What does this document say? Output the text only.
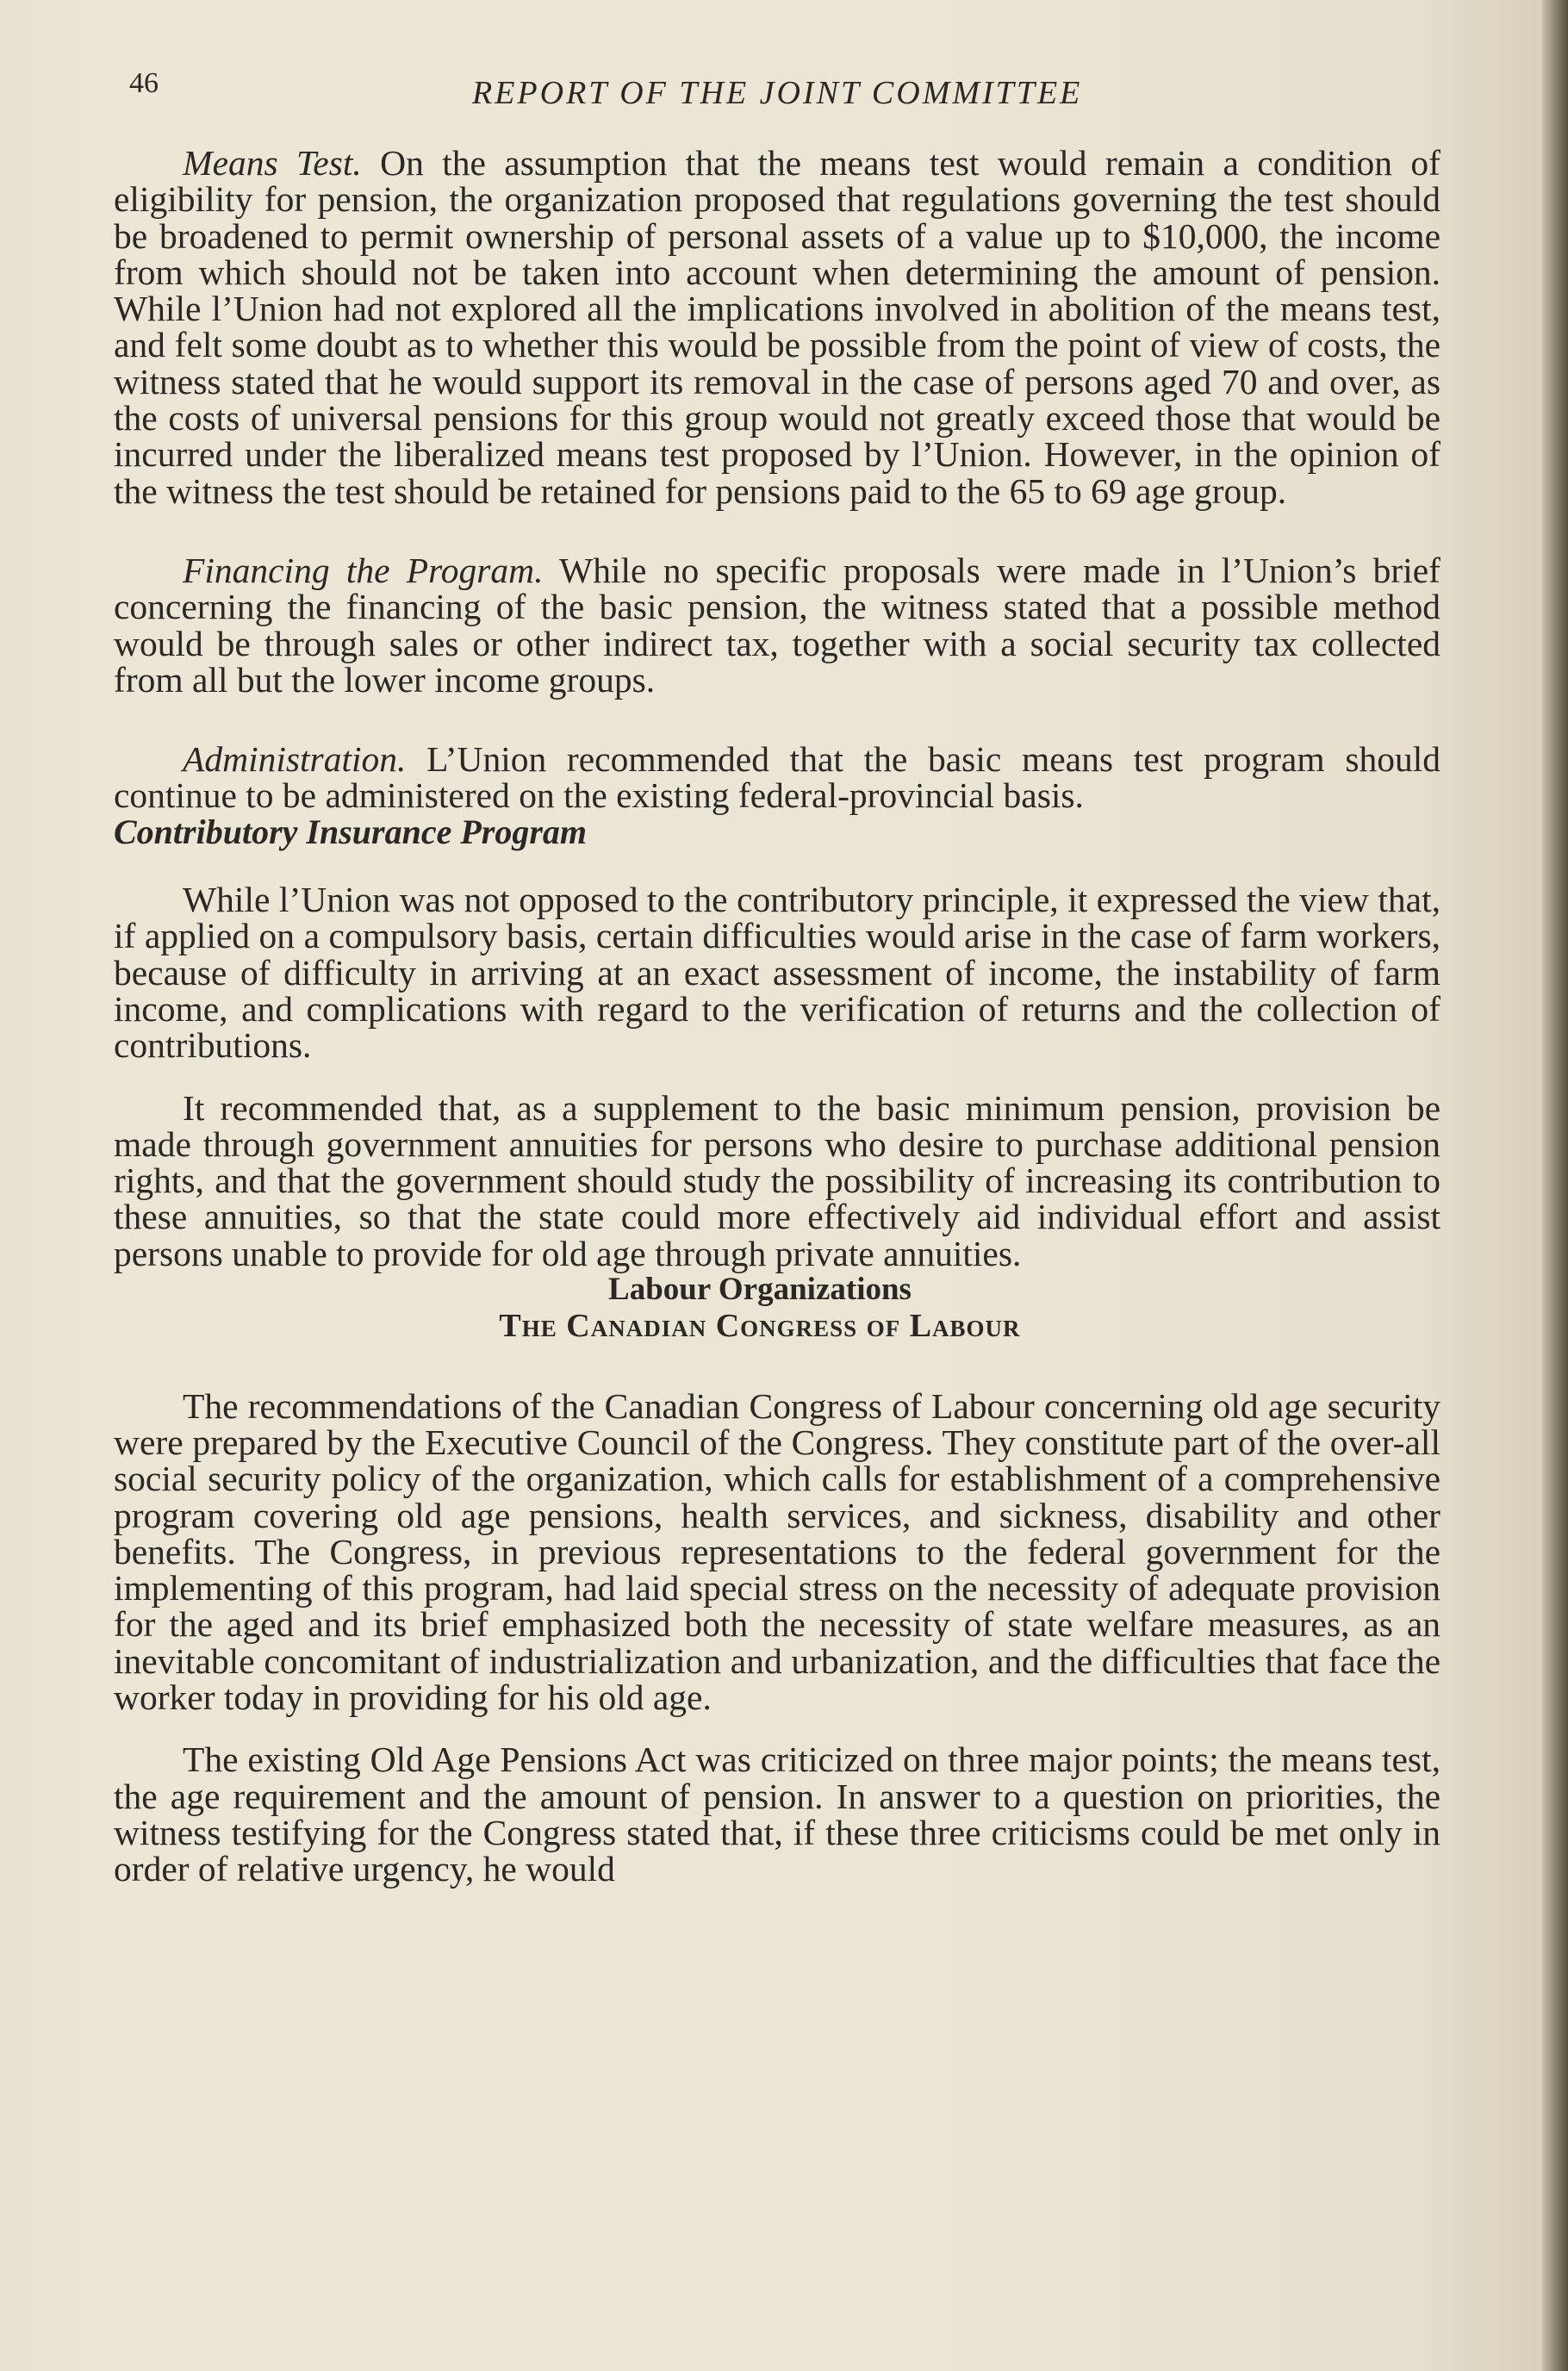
46	REPORT OF THE JOINT COMMITTEE

Means Test. On the assumption that the means test would remain a condition of eligibility for pension, the organization proposed that regulations governing the test should be broadened to permit ownership of personal assets of a value up to $10,000, the income from which should not be taken into account when determining the amount of pension. While l’Union had not explored all the implications involved in abolition of the means test, and felt some doubt as to whether this would be possible from the point of view of costs, the witness stated that he would support its removal in the case of persons aged 70 and over, as the costs of universal pensions for this group would not greatly exceed those that would be incurred under the liberalized means test proposed by l’Union. However, in the opinion of the witness the test should be retained for pensions paid to the 65 to 69 age group.

Financing the Program. While no specific proposals were made in l’Union’s brief concerning the financing of the basic pension, the witness stated that a possible method would be through sales or other indirect tax, together with a social security tax collected from all but the lower income groups.

Administration. L’Union recommended that the basic means test program should continue to be administered on the existing federal-provincial basis.

Contributory Insurance Program

While l’Union was not opposed to the contributory principle, it expressed the view that, if applied on a compulsory basis, certain difficulties would arise in the case of farm workers, because of difficulty in arriving at an exact assessment of income, the instability of farm income, and complications with regard to the verification of returns and the collection of contributions.

It recommended that, as a supplement to the basic minimum pension, provision be made through government annuities for persons who desire to purchase additional pension rights, and that the government should study the possibility of increasing its contribution to these annuities, so that the state could more effectively aid individual effort and assist persons unable to provide for old age through private annuities.

Labour Organizations
The Canadian Congress of Labour

The recommendations of the Canadian Congress of Labour concerning old age security were prepared by the Executive Council of the Congress. They constitute part of the over-all social security policy of the organization, which calls for establishment of a comprehensive program covering old age pensions, health services, and sickness, disability and other benefits. The Congress, in previous representations to the federal government for the implementing of this program, had laid special stress on the necessity of adequate provision for the aged and its brief emphasized both the necessity of state welfare measures, as an inevitable concomitant of industrialization and urbanization, and the difficulties that face the worker today in providing for his old age.

The existing Old Age Pensions Act was criticized on three major points; the means test, the age requirement and the amount of pension. In answer to a question on priorities, the witness testifying for the Congress stated that, if these three criticisms could be met only in order of relative urgency, he would
